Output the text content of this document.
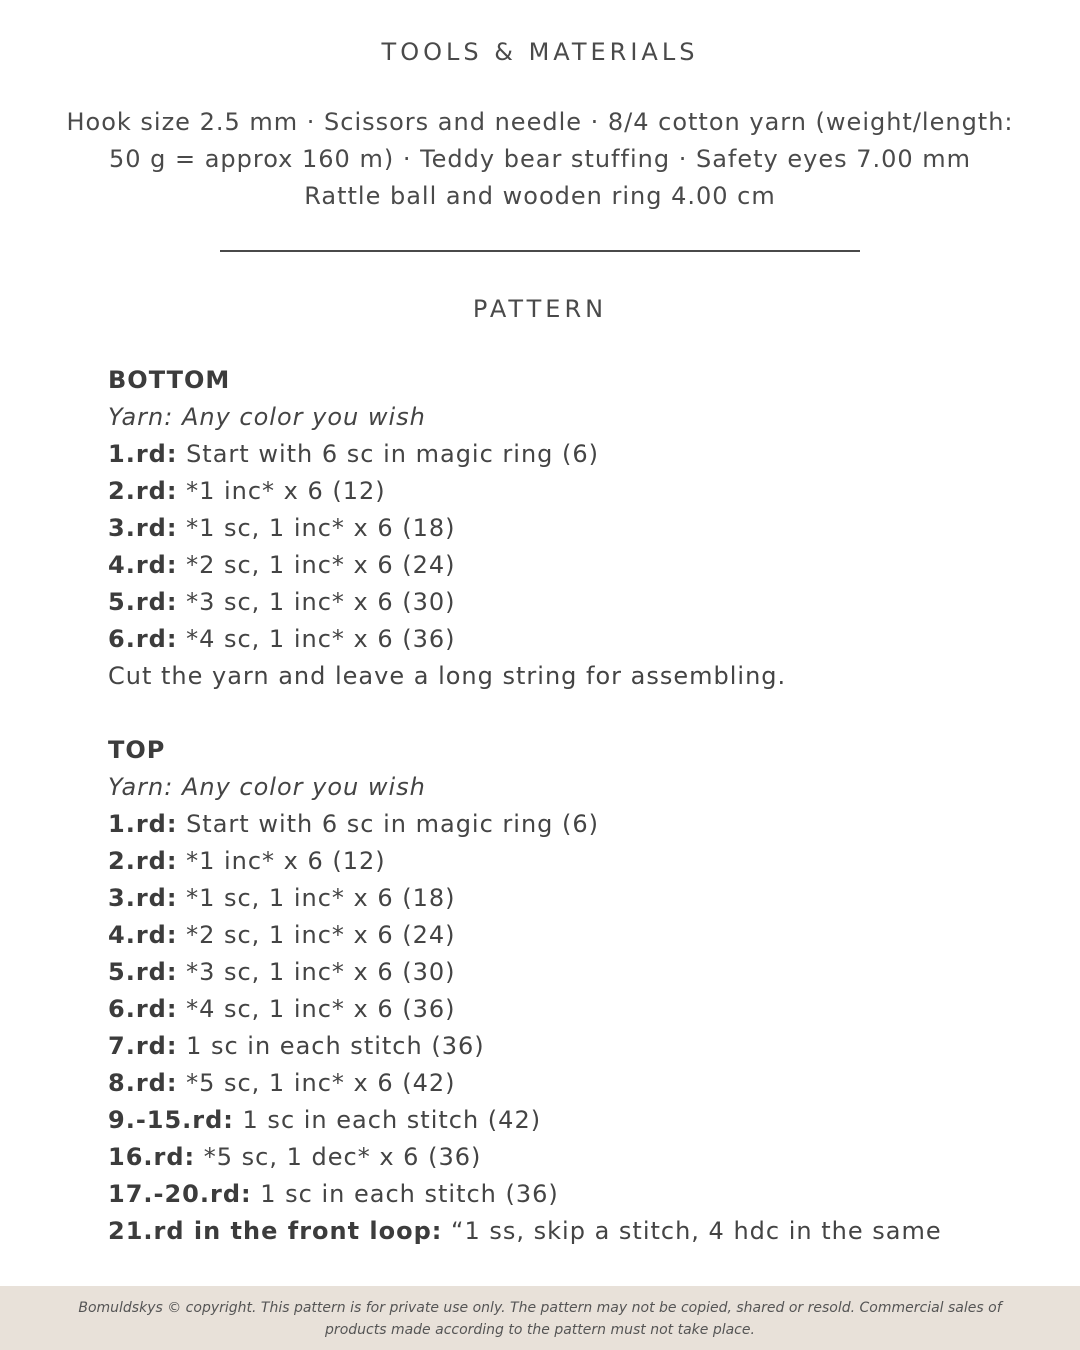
TOOLS & MATERIALS
Hook size 2.5 mm · Scissors and needle · 8/4 cotton yarn (weight/length:
50 g = approx 160 m) · Teddy bear stuffing · Safety eyes 7.00 mm
Rattle ball and wooden ring 4.00 cm
PATTERN
BOTTOM
Yarn: Any color you wish
1.rd: Start with 6 sc in magic ring (6)
2.rd: *1 inc* x 6 (12)
3.rd: *1 sc, 1 inc* x 6 (18)
4.rd: *2 sc, 1 inc* x 6 (24)
5.rd: *3 sc, 1 inc* x 6 (30)
6.rd: *4 sc, 1 inc* x 6 (36)
Cut the yarn and leave a long string for assembling.
TOP
Yarn: Any color you wish
1.rd: Start with 6 sc in magic ring (6)
2.rd: *1 inc* x 6 (12)
3.rd: *1 sc, 1 inc* x 6 (18)
4.rd: *2 sc, 1 inc* x 6 (24)
5.rd: *3 sc, 1 inc* x 6 (30)
6.rd: *4 sc, 1 inc* x 6 (36)
7.rd: 1 sc in each stitch (36)
8.rd: *5 sc, 1 inc* x 6 (42)
9.-15.rd: 1 sc in each stitch (42)
16.rd: *5 sc, 1 dec* x 6 (36)
17.-20.rd: 1 sc in each stitch (36)
21.rd in the front loop: “1 ss, skip a stitch, 4 hdc in the same
Bomuldskys © copyright. This pattern is for private use only. The pattern may not be copied, shared or resold. Commercial sales of products made according to the pattern must not take place.
